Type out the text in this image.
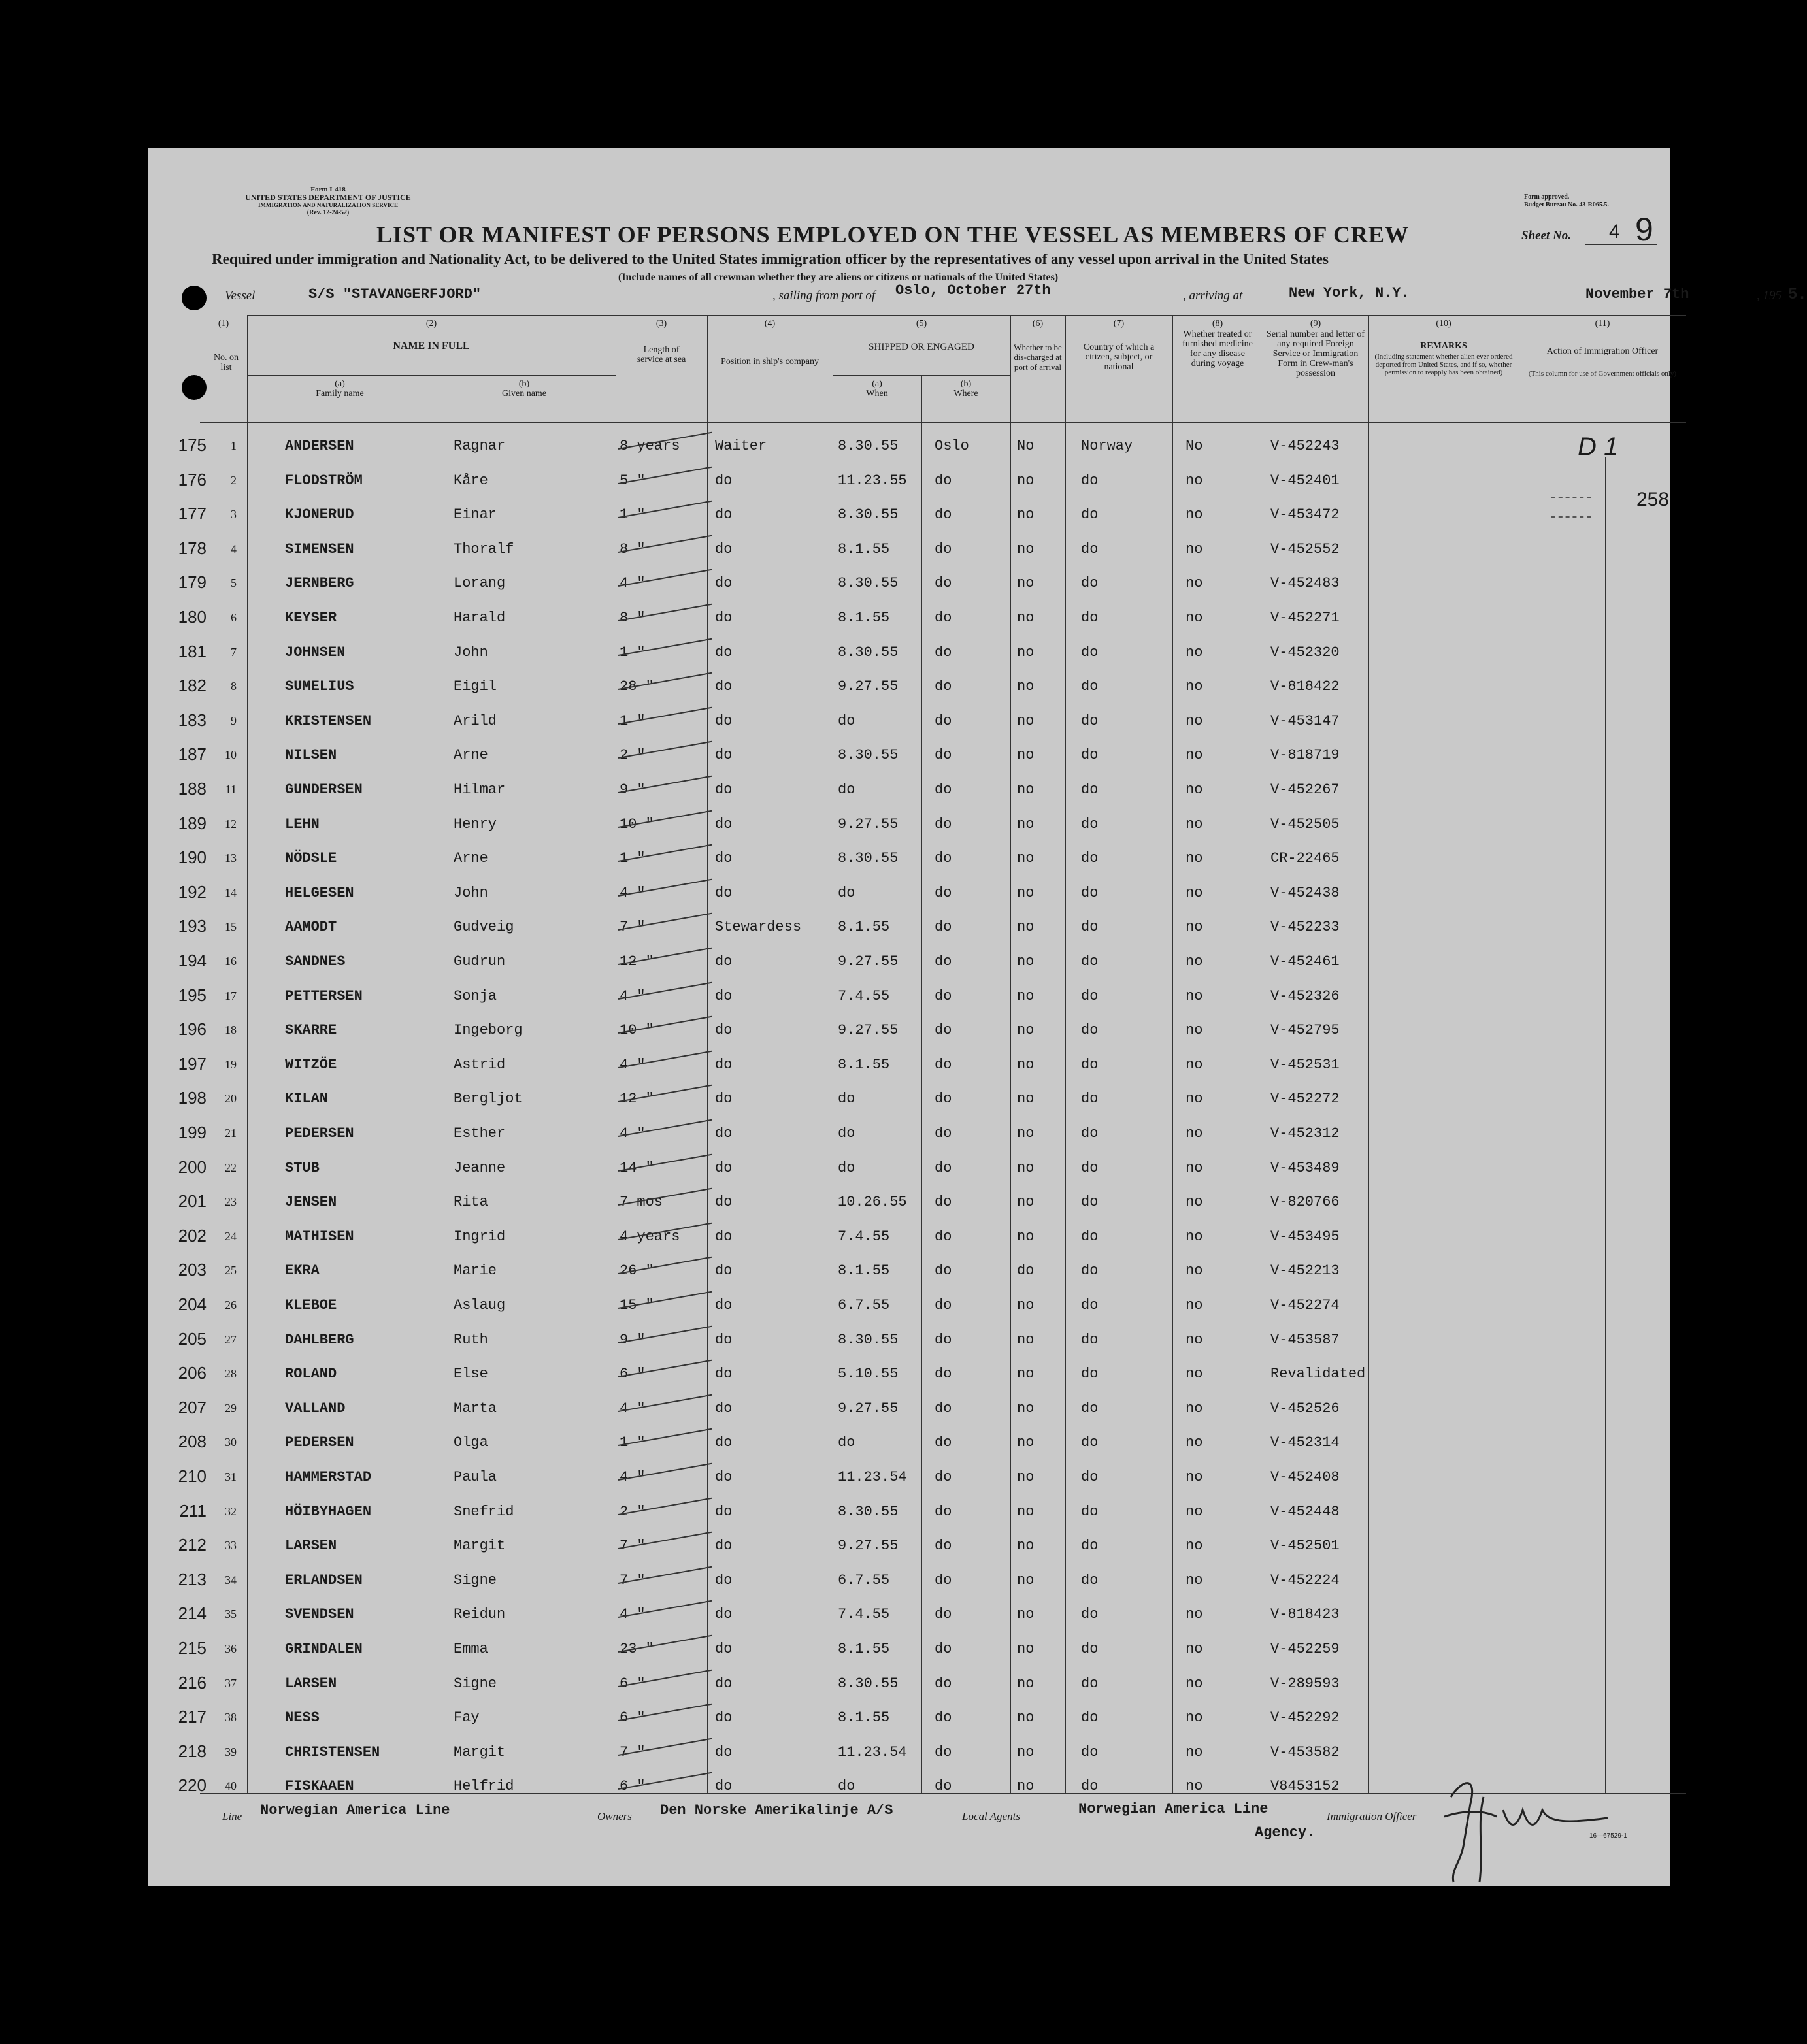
Form I-418
UNITED STATES DEPARTMENT OF JUSTICE
IMMIGRATION AND NATURALIZATION SERVICE
(Rev. 12-24-52)
Form approved.
Budget Bureau No. 43-R065.5.
LIST OR MANIFEST OF PERSONS EMPLOYED ON THE VESSEL AS MEMBERS OF CREW	Sheet No. 4 9
Required under immigration and Nationality Act, to be delivered to the United States immigration officer by the representatives of any vessel upon arrival in the United States
(Include names of all crewman whether they are aliens or citizens or nationals of the United States)
Vessel	S/S "STAVANGERFJORD"	, sailing from port of Oslo, October 27th	, arriving at	New York, N.Y.	November 7th	, 195 5.
(1)
No. on list
(2)
NAME IN FULL
(a)
Family name
(b)
Given name
(3)
Length of service at sea
(4)
Position in ship's company
(5)
SHIPPED OR ENGAGED
(a)
When
(b)
Where
(6)
Whether to be dis-charged at port of arrival
(7)
Country of which a citizen, subject, or national
(8)
Whether treated or furnished medicine for any disease during voyage
(9)
Serial number and letter of any required Foreign Service or Immigration Form in Crew-man's possession
(10)
REMARKS
(Including statement whether alien ever ordered deported from United States, and if so, whether permission to reapply has been obtained)
(11)
Action of Immigration Officer
(This column for use of Government officials only)
175	1	ANDERSEN	Ragnar	8 years Waiter	8.30.55	Oslo	No	Norway	No	V-452243
176	2	FLODSTRÖM	Kåre	5 "	do	11.23.55 do	no	do	no	V-452401
177	3	KJONERUD	Einar	1 "	do	8.30.55	do	no	do	no	V-453472
178	4	SIMENSEN	Thoralf	8 "	do	8.1.55	do	no	do	no	V-452552
179	5	JERNBERG	Lorang	4 "	do	8.30.55	do	no	do	no	V-452483
180	6	KEYSER	Harald	8 "	do	8.1.55	do	no	do	no	V-452271
181	7	JOHNSEN	John	1 "	do	8.30.55	do	no	do	no	V-452320
182	8	SUMELIUS	Eigil	28 "	do	9.27.55	do	no	do	no	V-818422
183	9	KRISTENSEN	Arild	1 "	do	do	do	no	do	no	V-453147
187	10	NILSEN	Arne	2 "	do	8.30.55	do	no	do	no	V-818719
188	11	GUNDERSEN	Hilmar	9 "	do	do	do	no	do	no	V-452267
189	12	LEHN	Henry	10 "	do	9.27.55	do	no	do	no	V-452505
190	13	NÖDSLE	Arne	1 "	do	8.30.55	do	no	do	no	CR-22465
192	14	HELGESEN	John	4 "	do	do	do	no	do	no	V-452438
193	15	AAMODT	Gudveig	7 "	Stewardess	8.1.55	do	no	do	no	V-452233
194	16	SANDNES	Gudrun	12 "	do	9.27.55	do	no	do	no	V-452461
195	17	PETTERSEN	Sonja	4 "	do	7.4.55	do	no	do	no	V-452326
196	18	SKARRE	Ingeborg	10 "	do	9.27.55	do	no	do	no	V-452795
197	19	WITZÖE	Astrid	4 "	do	8.1.55	do	no	do	no	V-452531
198	20	KILAN	Bergljot	12 "	do	do	do	no	do	no	V-452272
199	21	PEDERSEN	Esther	4 "	do	do	do	no	do	no	V-452312
200	22	STUB	Jeanne	14 "	do	do	do	no	do	no	V-453489
201	23	JENSEN	Rita	7 mos	do	10.26.55 do	no	do	no	V-820766
202	24	MATHISEN	Ingrid	4 years do	7.4.55	do	no	do	no	V-453495
203	25	EKRA	Marie	26 "	do	8.1.55	do	do	do	no	V-452213
204	26	KLEBOE	Aslaug	15 "	do	6.7.55	do	no	do	no	V-452274
205	27	DAHLBERG	Ruth	9 "	do	8.30.55	do	no	do	no	V-453587
206	28	ROLAND	Else	6 "	do	5.10.55	do	no	do	no	Revalidated
207	29	VALLAND	Marta	4 "	do	9.27.55	do	no	do	no	V-452526
208	30	PEDERSEN	Olga	1 "	do	do	do	no	do	no	V-452314
210	31	HAMMERSTAD	Paula	4 "	do	11.23.54 do	no	do	no	V-452408
211	32	HÖIBYHAGEN	Snefrid	2 "	do	8.30.55	do	no	do	no	V-452448
212	33	LARSEN	Margit	7 "	do	9.27.55	do	no	do	no	V-452501
213	34	ERLANDSEN	Signe	7 "	do	6.7.55	do	no	do	no	V-452224
214	35	SVENDSEN	Reidun	4 "	do	7.4.55	do	no	do	no	V-818423
215	36	GRINDALEN	Emma	23 "	do	8.1.55	do	no	do	no	V-452259
216	37	LARSEN	Signe	6 "	do	8.30.55	do	no	do	no	V-289593
217	38	NESS	Fay	6 "	do	8.1.55	do	no	do	no	V-452292
218	39	CHRISTENSEN	Margit	7 "	do	11.23.54 do	no	do	no	V-453582
220	40	FISKAAEN	Helfrid	6 "	do	do	do	no	do	no	V8453152
D 1
258
Line Norwegian America Line	Owners Den Norske Amerikalinje A/S	Local Agents	Norwegian America Line
Agency.
Immigration Officer
16—67529-1
